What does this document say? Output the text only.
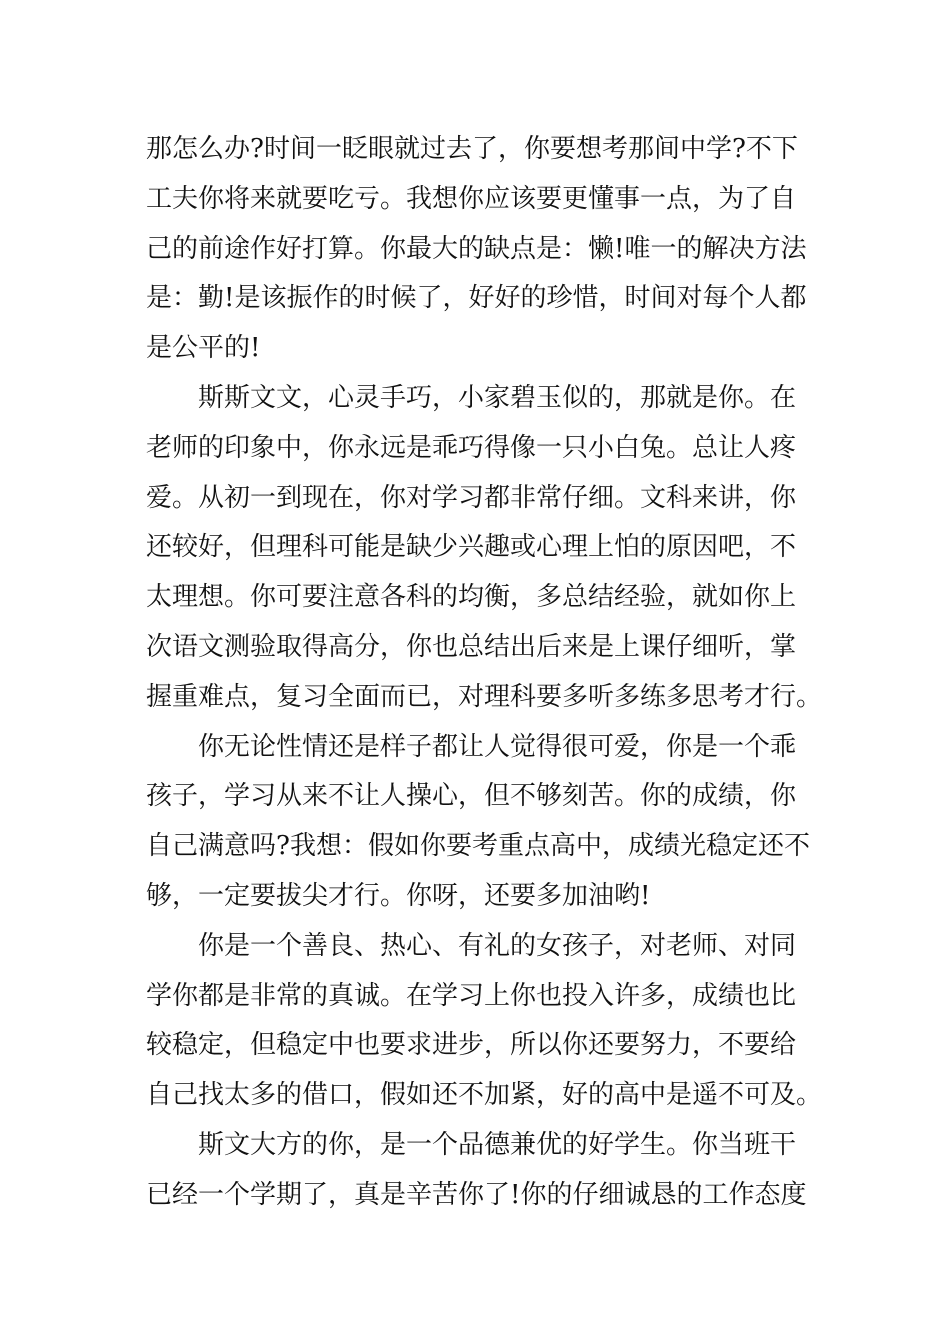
那怎么办?时间一眨眼就过去了，你要想考那间中学?不下
工夫你将来就要吃亏。我想你应该要更懂事一点，为了自
己的前途作好打算。你最大的缺点是：懒!唯一的解决方法
是：勤!是该振作的时候了，好好的珍惜，时间对每个人都
是公平的!
斯斯文文，心灵手巧，小家碧玉似的，那就是你。在
老师的印象中，你永远是乖巧得像一只小白兔。总让人疼
爱。从初一到现在，你对学习都非常仔细。文科来讲，你
还较好，但理科可能是缺少兴趣或心理上怕的原因吧，不
太理想。你可要注意各科的均衡，多总结经验，就如你上
次语文测验取得高分，你也总结出后来是上课仔细听，掌
握重难点，复习全面而已，对理科要多听多练多思考才行。
你无论性情还是样子都让人觉得很可爱，你是一个乖
孩子，学习从来不让人操心，但不够刻苦。你的成绩，你
自己满意吗?我想：假如你要考重点高中，成绩光稳定还不
够，一定要拔尖才行。你呀，还要多加油哟!
你是一个善良、热心、有礼的女孩子，对老师、对同
学你都是非常的真诚。在学习上你也投入许多，成绩也比
较稳定，但稳定中也要求进步，所以你还要努力，不要给
自己找太多的借口，假如还不加紧，好的高中是遥不可及。
斯文大方的你，是一个品德兼优的好学生。你当班干
已经一个学期了，真是辛苦你了!你的仔细诚恳的工作态度
